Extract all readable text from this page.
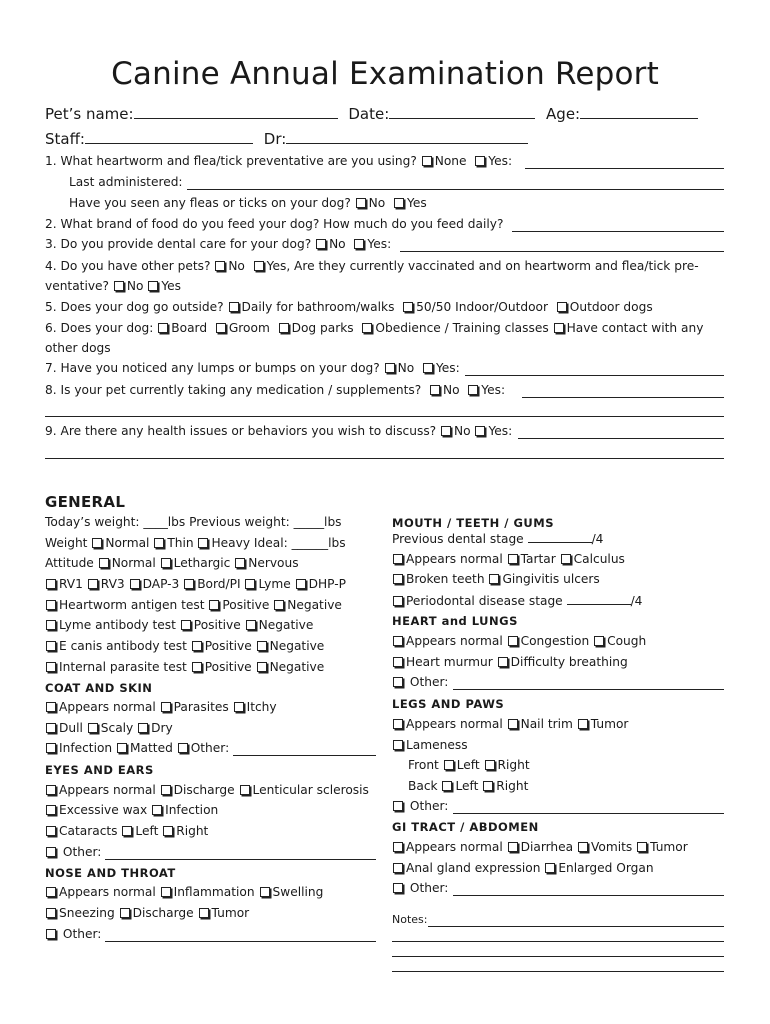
Canine Annual Examination Report
Pet’s name:	Date:	Age:
Staff:	Dr:
1. What heartworm and flea/tick preventative are you using? None Yes:
Last administered:
Have you seen any fleas or ticks on your dog? No Yes
2. What brand of food do you feed your dog? How much do you feed daily?
3. Do you provide dental care for your dog? No Yes:
4. Do you have other pets? No Yes, Are they currently vaccinated and on heartworm and flea/tick pre-
ventative? No Yes
5. Does your dog go outside? Daily for bathroom/walks 50/50 Indoor/Outdoor Outdoor dogs
6. Does your dog: Board Groom Dog parks Obedience / Training classes Have contact with any
other dogs
7. Have you noticed any lumps or bumps on your dog? No Yes:
8. Is your pet currently taking any medication / supplements? No Yes:
9. Are there any health issues or behaviors you wish to discuss? No Yes:
GENERAL
Today’s weight: ____lbs Previous weight: _____lbs
Weight Normal Thin Heavy Ideal: ______lbs
Attitude Normal Lethargic Nervous
RV1 RV3 DAP-3 Bord/PI Lyme DHP-P
Heartworm antigen test Positive Negative
Lyme antibody test Positive Negative
E canis antibody test Positive Negative
Internal parasite test Positive Negative
COAT AND SKIN
Appears normal Parasites Itchy
Dull Scaly Dry
Infection Matted Other:
EYES AND EARS
Appears normal Discharge Lenticular sclerosis
Excessive wax Infection
Cataracts Left Right
Other:
NOSE AND THROAT
Appears normal Inflammation Swelling
Sneezing Discharge Tumor
Other:
MOUTH / TEETH / GUMS
Previous dental stage	/4
Appears normal Tartar Calculus
Broken teeth Gingivitis ulcers
Periodontal disease stage	/4
HEART and LUNGS
Appears normal Congestion Cough
Heart murmur Difficulty breathing
Other:
LEGS AND PAWS
Appears normal Nail trim Tumor
Lameness
Front Left Right
Back Left Right
Other:
GI TRACT / ABDOMEN
Appears normal Diarrhea Vomits Tumor
Anal gland expression Enlarged Organ
Other:
Notes:
